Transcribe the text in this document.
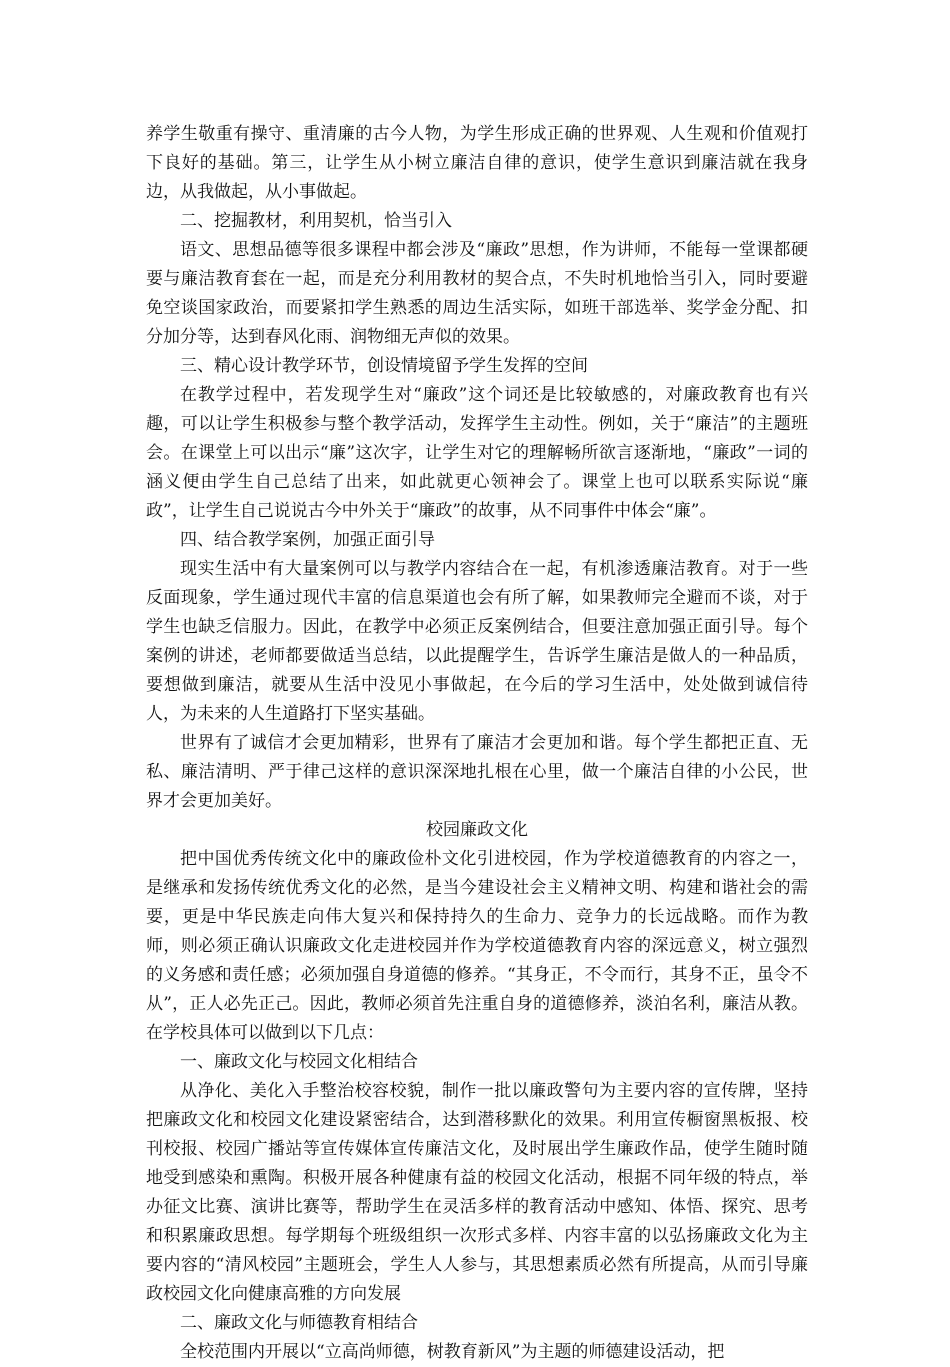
养学生敬重有操守、重清廉的古今人物，为学生形成正确的世界观、人生观和价值观打下良好的基础。第三，让学生从小树立廉洁自律的意识，使学生意识到廉洁就在我身边，从我做起，从小事做起。

二、挖掘教材，利用契机，恰当引入

语文、思想品德等很多课程中都会涉及“廉政”思想，作为讲师，不能每一堂课都硬要与廉洁教育套在一起，而是充分利用教材的契合点，不失时机地恰当引入，同时要避免空谈国家政治，而要紧扣学生熟悉的周边生活实际，如班干部选举、奖学金分配、扣分加分等，达到春风化雨、润物细无声似的效果。

三、精心设计教学环节，创设情境留予学生发挥的空间

在教学过程中，若发现学生对“廉政”这个词还是比较敏感的，对廉政教育也有兴趣，可以让学生积极参与整个教学活动，发挥学生主动性。例如，关于“廉洁”的主题班会。在课堂上可以出示“廉”这次字，让学生对它的理解畅所欲言逐渐地，“廉政”一词的涵义便由学生自己总结了出来，如此就更心领神会了。课堂上也可以联系实际说“廉政”，让学生自己说说古今中外关于“廉政”的故事，从不同事件中体会“廉”。

四、结合教学案例，加强正面引导

现实生活中有大量案例可以与教学内容结合在一起，有机渗透廉洁教育。对于一些反面现象，学生通过现代丰富的信息渠道也会有所了解，如果教师完全避而不谈，对于学生也缺乏信服力。因此，在教学中必须正反案例结合，但要注意加强正面引导。每个案例的讲述，老师都要做适当总结，以此提醒学生，告诉学生廉洁是做人的一种品质，要想做到廉洁，就要从生活中没见小事做起，在今后的学习生活中，处处做到诚信待人，为未来的人生道路打下坚实基础。

世界有了诚信才会更加精彩，世界有了廉洁才会更加和谐。每个学生都把正直、无私、廉洁清明、严于律己这样的意识深深地扎根在心里，做一个廉洁自律的小公民，世界才会更加美好。

校园廉政文化

把中国优秀传统文化中的廉政俭朴文化引进校园，作为学校道德教育的内容之一，是继承和发扬传统优秀文化的必然，是当今建设社会主义精神文明、构建和谐社会的需要，更是中华民族走向伟大复兴和保持持久的生命力、竞争力的长远战略。而作为教师，则必须正确认识廉政文化走进校园并作为学校道德教育内容的深远意义，树立强烈的义务感和责任感；必须加强自身道德的修养。“其身正，不令而行，其身不正，虽令不从”，正人必先正己。因此，教师必须首先注重自身的道德修养，淡泊名利，廉洁从教。在学校具体可以做到以下几点：

一、廉政文化与校园文化相结合

从净化、美化入手整治校容校貌，制作一批以廉政警句为主要内容的宣传牌，坚持把廉政文化和校园文化建设紧密结合，达到潜移默化的效果。利用宣传橱窗黑板报、校刊校报、校园广播站等宣传媒体宣传廉洁文化，及时展出学生廉政作品，使学生随时随地受到感染和熏陶。积极开展各种健康有益的校园文化活动，根据不同年级的特点，举办征文比赛、演讲比赛等，帮助学生在灵活多样的教育活动中感知、体悟、探究、思考和积累廉政思想。每学期每个班级组织一次形式多样、内容丰富的以弘扬廉政文化为主要内容的“清风校园”主题班会，学生人人参与，其思想素质必然有所提高，从而引导廉政校园文化向健康高雅的方向发展

二、廉政文化与师德教育相结合

全校范围内开展以“立高尚师德，树教育新风”为主题的师德建设活动，把
